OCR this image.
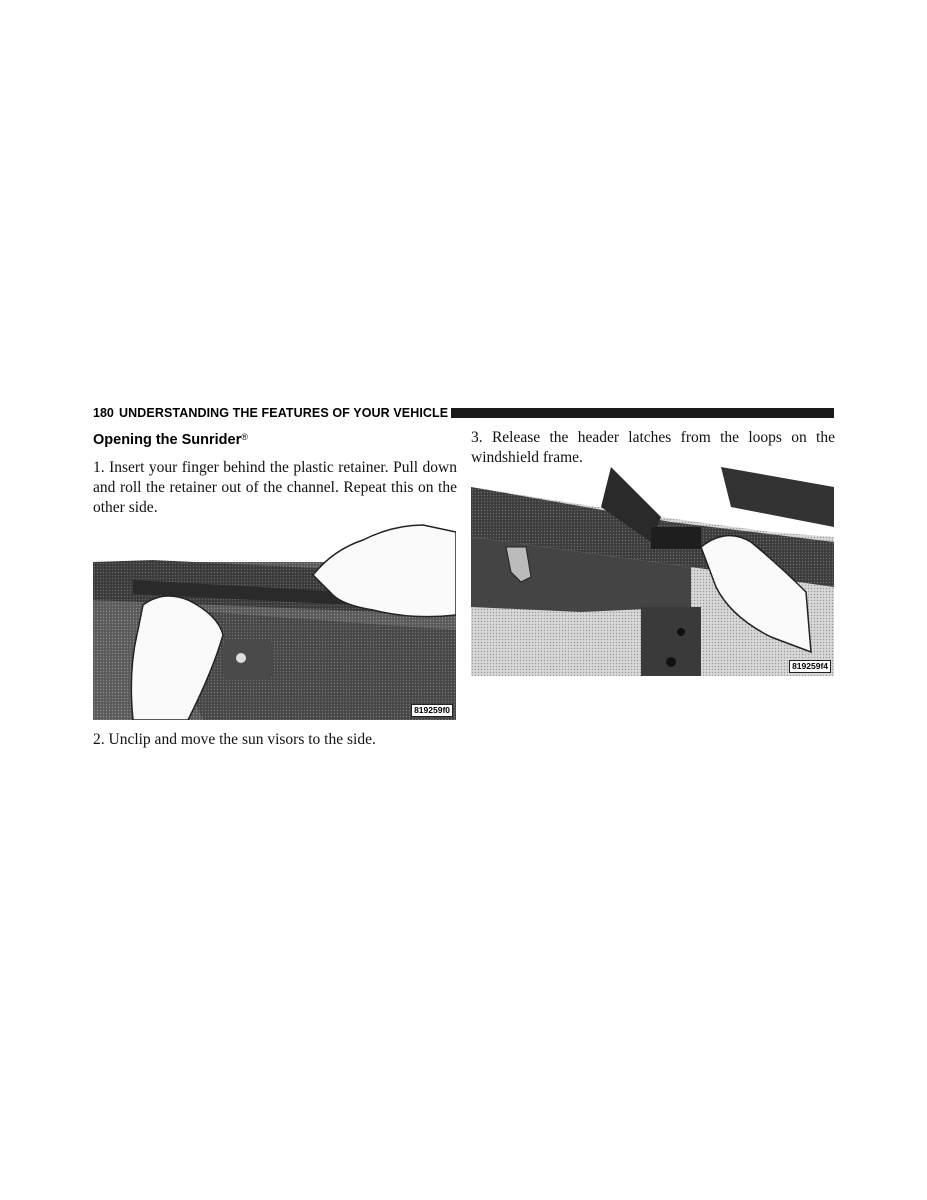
180 UNDERSTANDING THE FEATURES OF YOUR VEHICLE
Opening the Sunrider®

1. Insert your finger behind the plastic retainer. Pull down and roll the retainer out of the channel. Repeat this on the other side.

819259f0

2. Unclip and move the sun visors to the side.

3. Release the header latches from the loops on the windshield frame.

819259f4
